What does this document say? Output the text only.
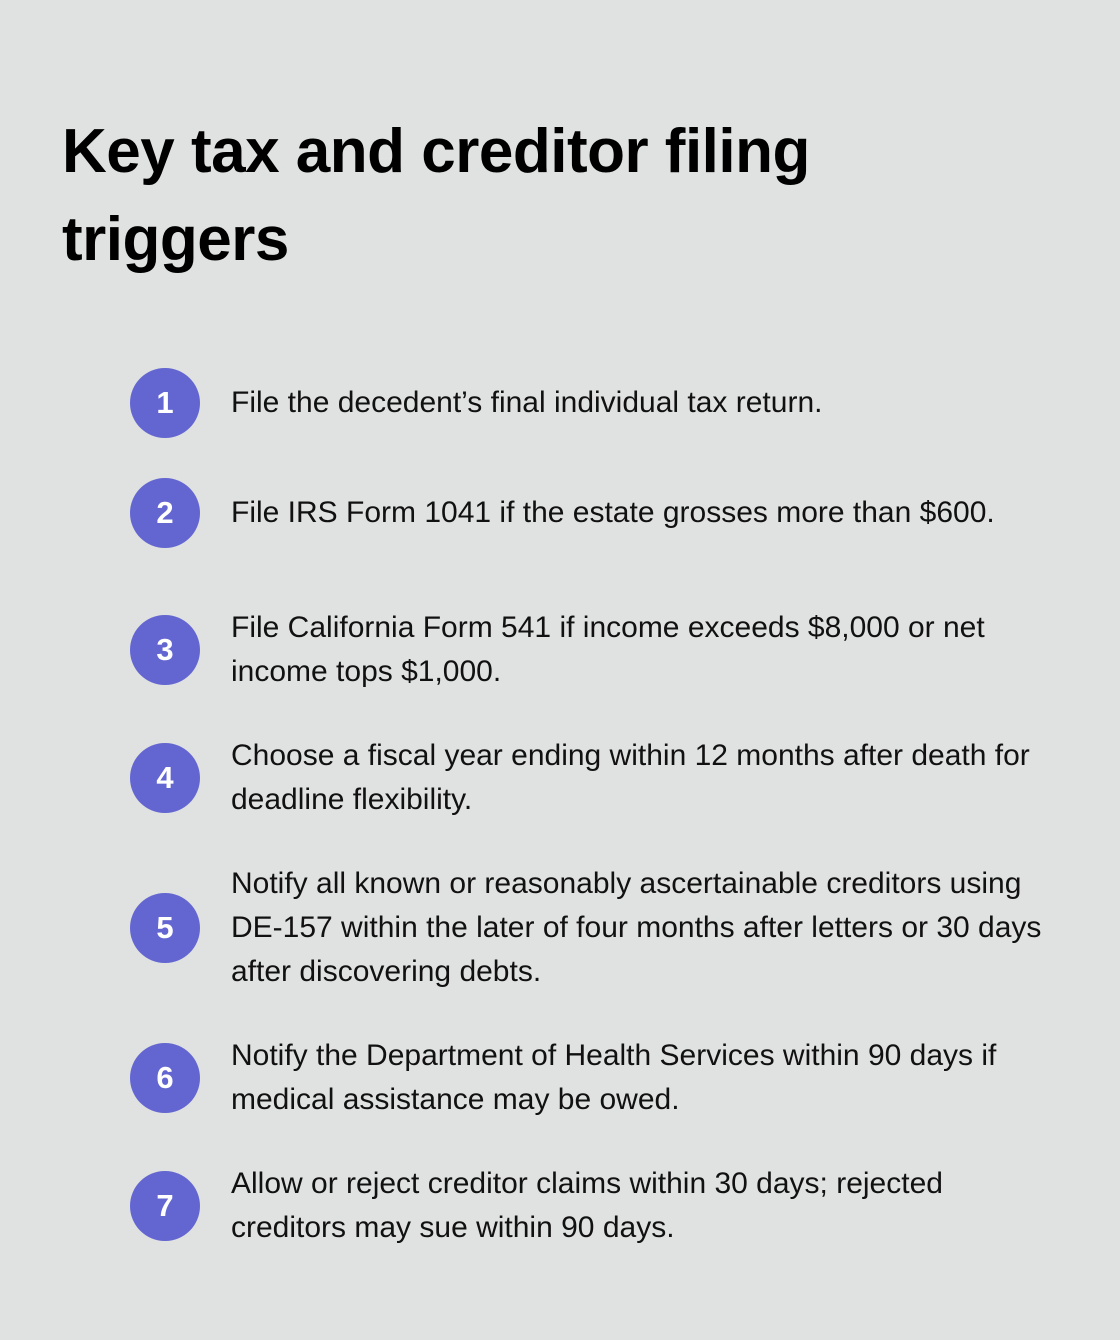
Key tax and creditor filing triggers
1	File the decedent’s final individual tax return.
2	File IRS Form 1041 if the estate grosses more than $600.
3
File California Form 541 if income exceeds $8,000 or net income tops $1,000.
4
Choose a fiscal year ending within 12 months after death for deadline flexibility.
5
Notify all known or reasonably ascertainable creditors using DE-157 within the later of four months after letters or 30 days after discovering debts.
6
Notify the Department of Health Services within 90 days if medical assistance may be owed.
7
Allow or reject creditor claims within 30 days; rejected creditors may sue within 90 days.
